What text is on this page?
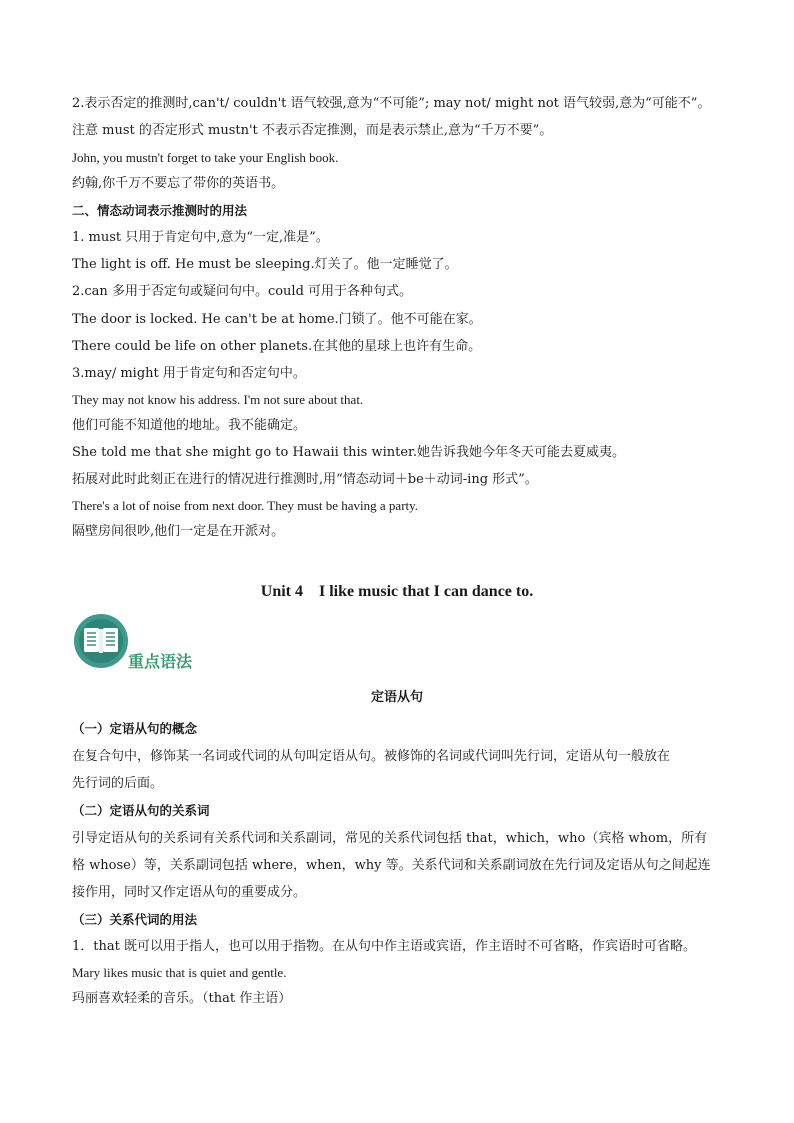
2.表示否定的推测时,can't/ couldn't 语气较强,意为“不可能”; may not/ might not 语气较弱,意为“可能不”。
注意 must 的否定形式 mustn't 不表示否定推测，而是表示禁止,意为“千万不要”。
John, you mustn't forget to take your English book.
约翰,你千万不要忘了带你的英语书。
二、情态动词表示推测时的用法
1. must 只用于肯定句中,意为“一定,准是”。
The light is off. He must be sleeping.灯关了。他一定睡觉了。
2.can 多用于否定句或疑问句中。could 可用于各种句式。
The door is locked. He can't be at home.门锁了。他不可能在家。
There could be life on other planets.在其他的星球上也许有生命。
3.may/ might 用于肯定句和否定句中。
They may not know his address. I'm not sure about that.
他们可能不知道他的地址。我不能确定。
She told me that she might go to Hawaii this winter.她告诉我她今年冬天可能去夏威夷。
拓展对此时此刻正在进行的情况进行推测时,用“情态动词＋be＋动词-ing 形式”。
There's a lot of noise from next door. They must be having a party.
隔壁房间很吵,他们一定是在开派对。
Unit 4    I like music that I can dance to.
重点语法
定语从句
（一）定语从句的概念
在复合句中，修饰某一名词或代词的从句叫定语从句。被修饰的名词或代词叫先行词，定语从句一般放在
先行词的后面。
（二）定语从句的关系词
引导定语从句的关系词有关系代词和关系副词，常见的关系代词包括 that，which，who（宾格 whom，所有
格 whose）等，关系副词包括 where，when，why 等。关系代词和关系副词放在先行词及定语从句之间起连
接作用，同时又作定语从句的重要成分。
（三）关系代词的用法
1．that 既可以用于指人，也可以用于指物。在从句中作主语或宾语，作主语时不可省略，作宾语时可省略。
Mary likes music that is quiet and gentle.
玛丽喜欢轻柔的音乐。（that 作主语）
